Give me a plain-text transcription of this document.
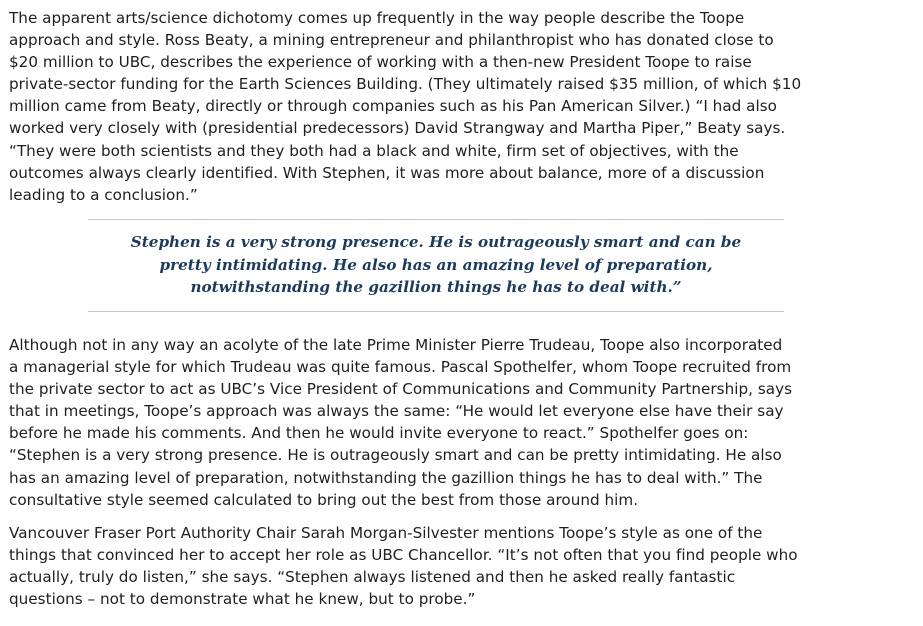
The apparent arts/science dichotomy comes up frequently in the way people describe the Toope
approach and style. Ross Beaty, a mining entrepreneur and philanthropist who has donated close to
$20 million to UBC, describes the experience of working with a then-new President Toope to raise
private-sector funding for the Earth Sciences Building. (They ultimately raised $35 million, of which $10
million came from Beaty, directly or through companies such as his Pan American Silver.) “I had also
worked very closely with (presidential predecessors) David Strangway and Martha Piper,” Beaty says.
“They were both scientists and they both had a black and white, firm set of objectives, with the
outcomes always clearly identified. With Stephen, it was more about balance, more of a discussion
leading to a conclusion.”

Although not in any way an acolyte of the late Prime Minister Pierre Trudeau, Toope also incorporated
a managerial style for which Trudeau was quite famous. Pascal Spothelfer, whom Toope recruited from
the private sector to act as UBC’s Vice President of Communications and Community Partnership, says
that in meetings, Toope’s approach was always the same: “He would let everyone else have their say
before he made his comments. And then he would invite everyone to react.” Spothelfer goes on:
“Stephen is a very strong presence. He is outrageously smart and can be pretty intimidating. He also
has an amazing level of preparation, notwithstanding the gazillion things he has to deal with.” The
consultative style seemed calculated to bring out the best from those around him.

Vancouver Fraser Port Authority Chair Sarah Morgan-Silvester mentions Toope’s style as one of the
things that convinced her to accept her role as UBC Chancellor. “It’s not often that you find people who
actually, truly do listen,” she says. “Stephen always listened and then he asked really fantastic
questions – not to demonstrate what he knew, but to probe.”

Stephen is a very strong presence. He is outrageously smart and can be
pretty intimidating. He also has an amazing level of preparation,
notwithstanding the gazillion things he has to deal with.”
